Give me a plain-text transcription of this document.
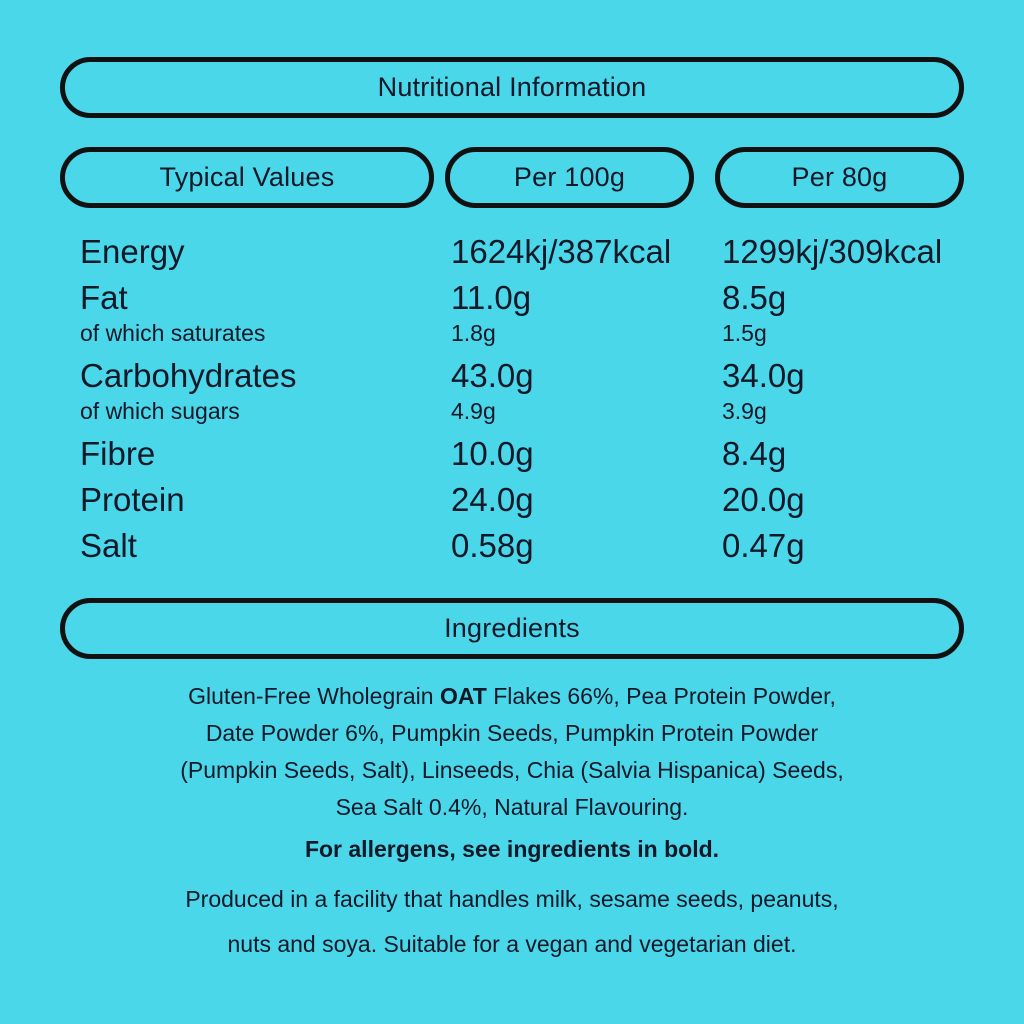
Nutritional Information
Typical Values	Per 100g	Per 80g
Energy	1624kj/387kcal 1299kj/309kcal
Fat	11.0g	8.5g
of which saturates	1.8g	1.5g
Carbohydrates	43.0g	34.0g
of which sugars	4.9g	3.9g
Fibre	10.0g	8.4g
Protein	24.0g	20.0g
Salt	0.58g	0.47g
Ingredients
Gluten-Free Wholegrain OAT Flakes 66%, Pea Protein Powder,
Date Powder 6%, Pumpkin Seeds, Pumpkin Protein Powder
(Pumpkin Seeds, Salt), Linseeds, Chia (Salvia Hispanica) Seeds,
Sea Salt 0.4%, Natural Flavouring.
For allergens, see ingredients in bold.
Produced in a facility that handles milk, sesame seeds, peanuts,
nuts and soya. Suitable for a vegan and vegetarian diet.
